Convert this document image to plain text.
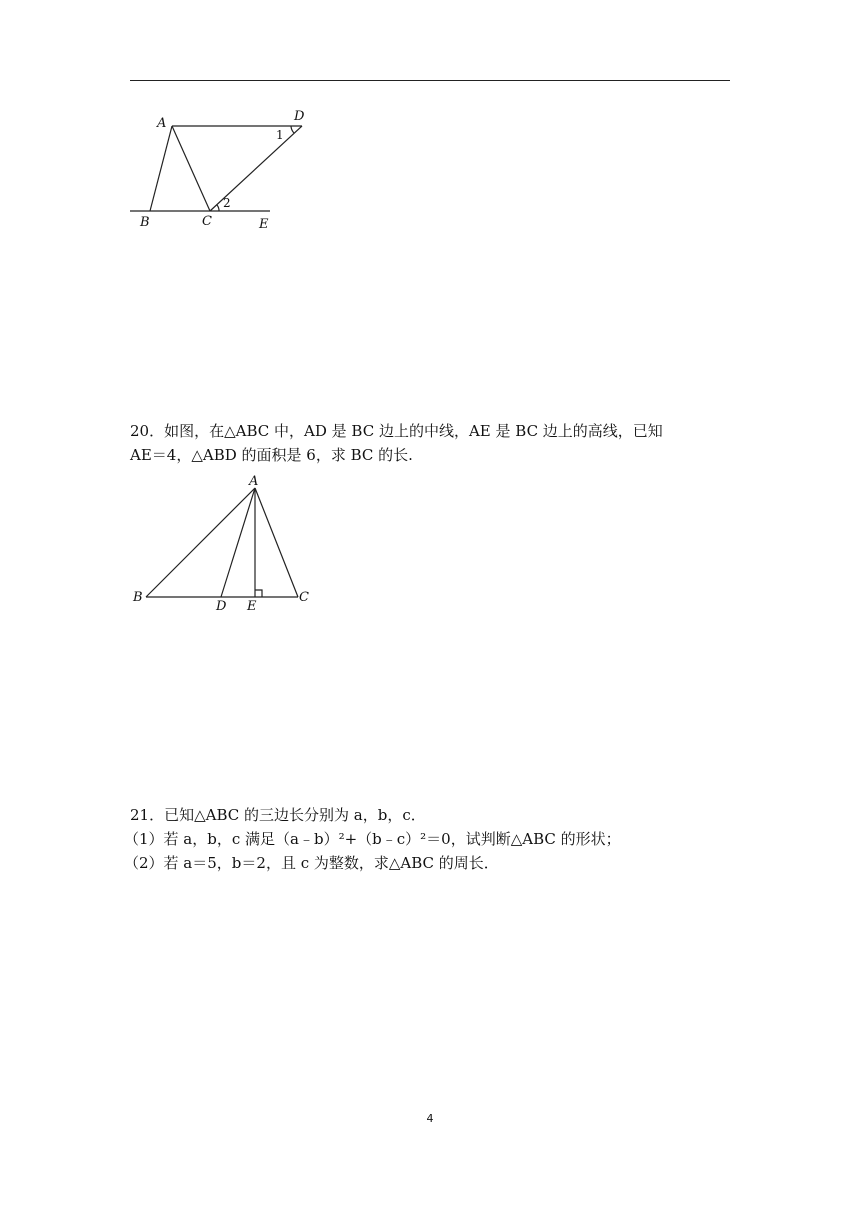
A	D
1
2
B	C	E

20．如图，在△ABC 中，AD 是 BC 边上的中线，AE 是 BC 边上的高线，已知

AE＝4，△ABD 的面积是 6，求 BC 的长.

A
B
D E
C

21．已知△ABC 的三边长分别为 a，b，c．

（1）若 a，b，c 满足（a﹣b）²+（b﹣c）²＝0，试判断△ABC 的形状；

（2）若 a＝5，b＝2，且 c 为整数，求△ABC 的周长．

4
